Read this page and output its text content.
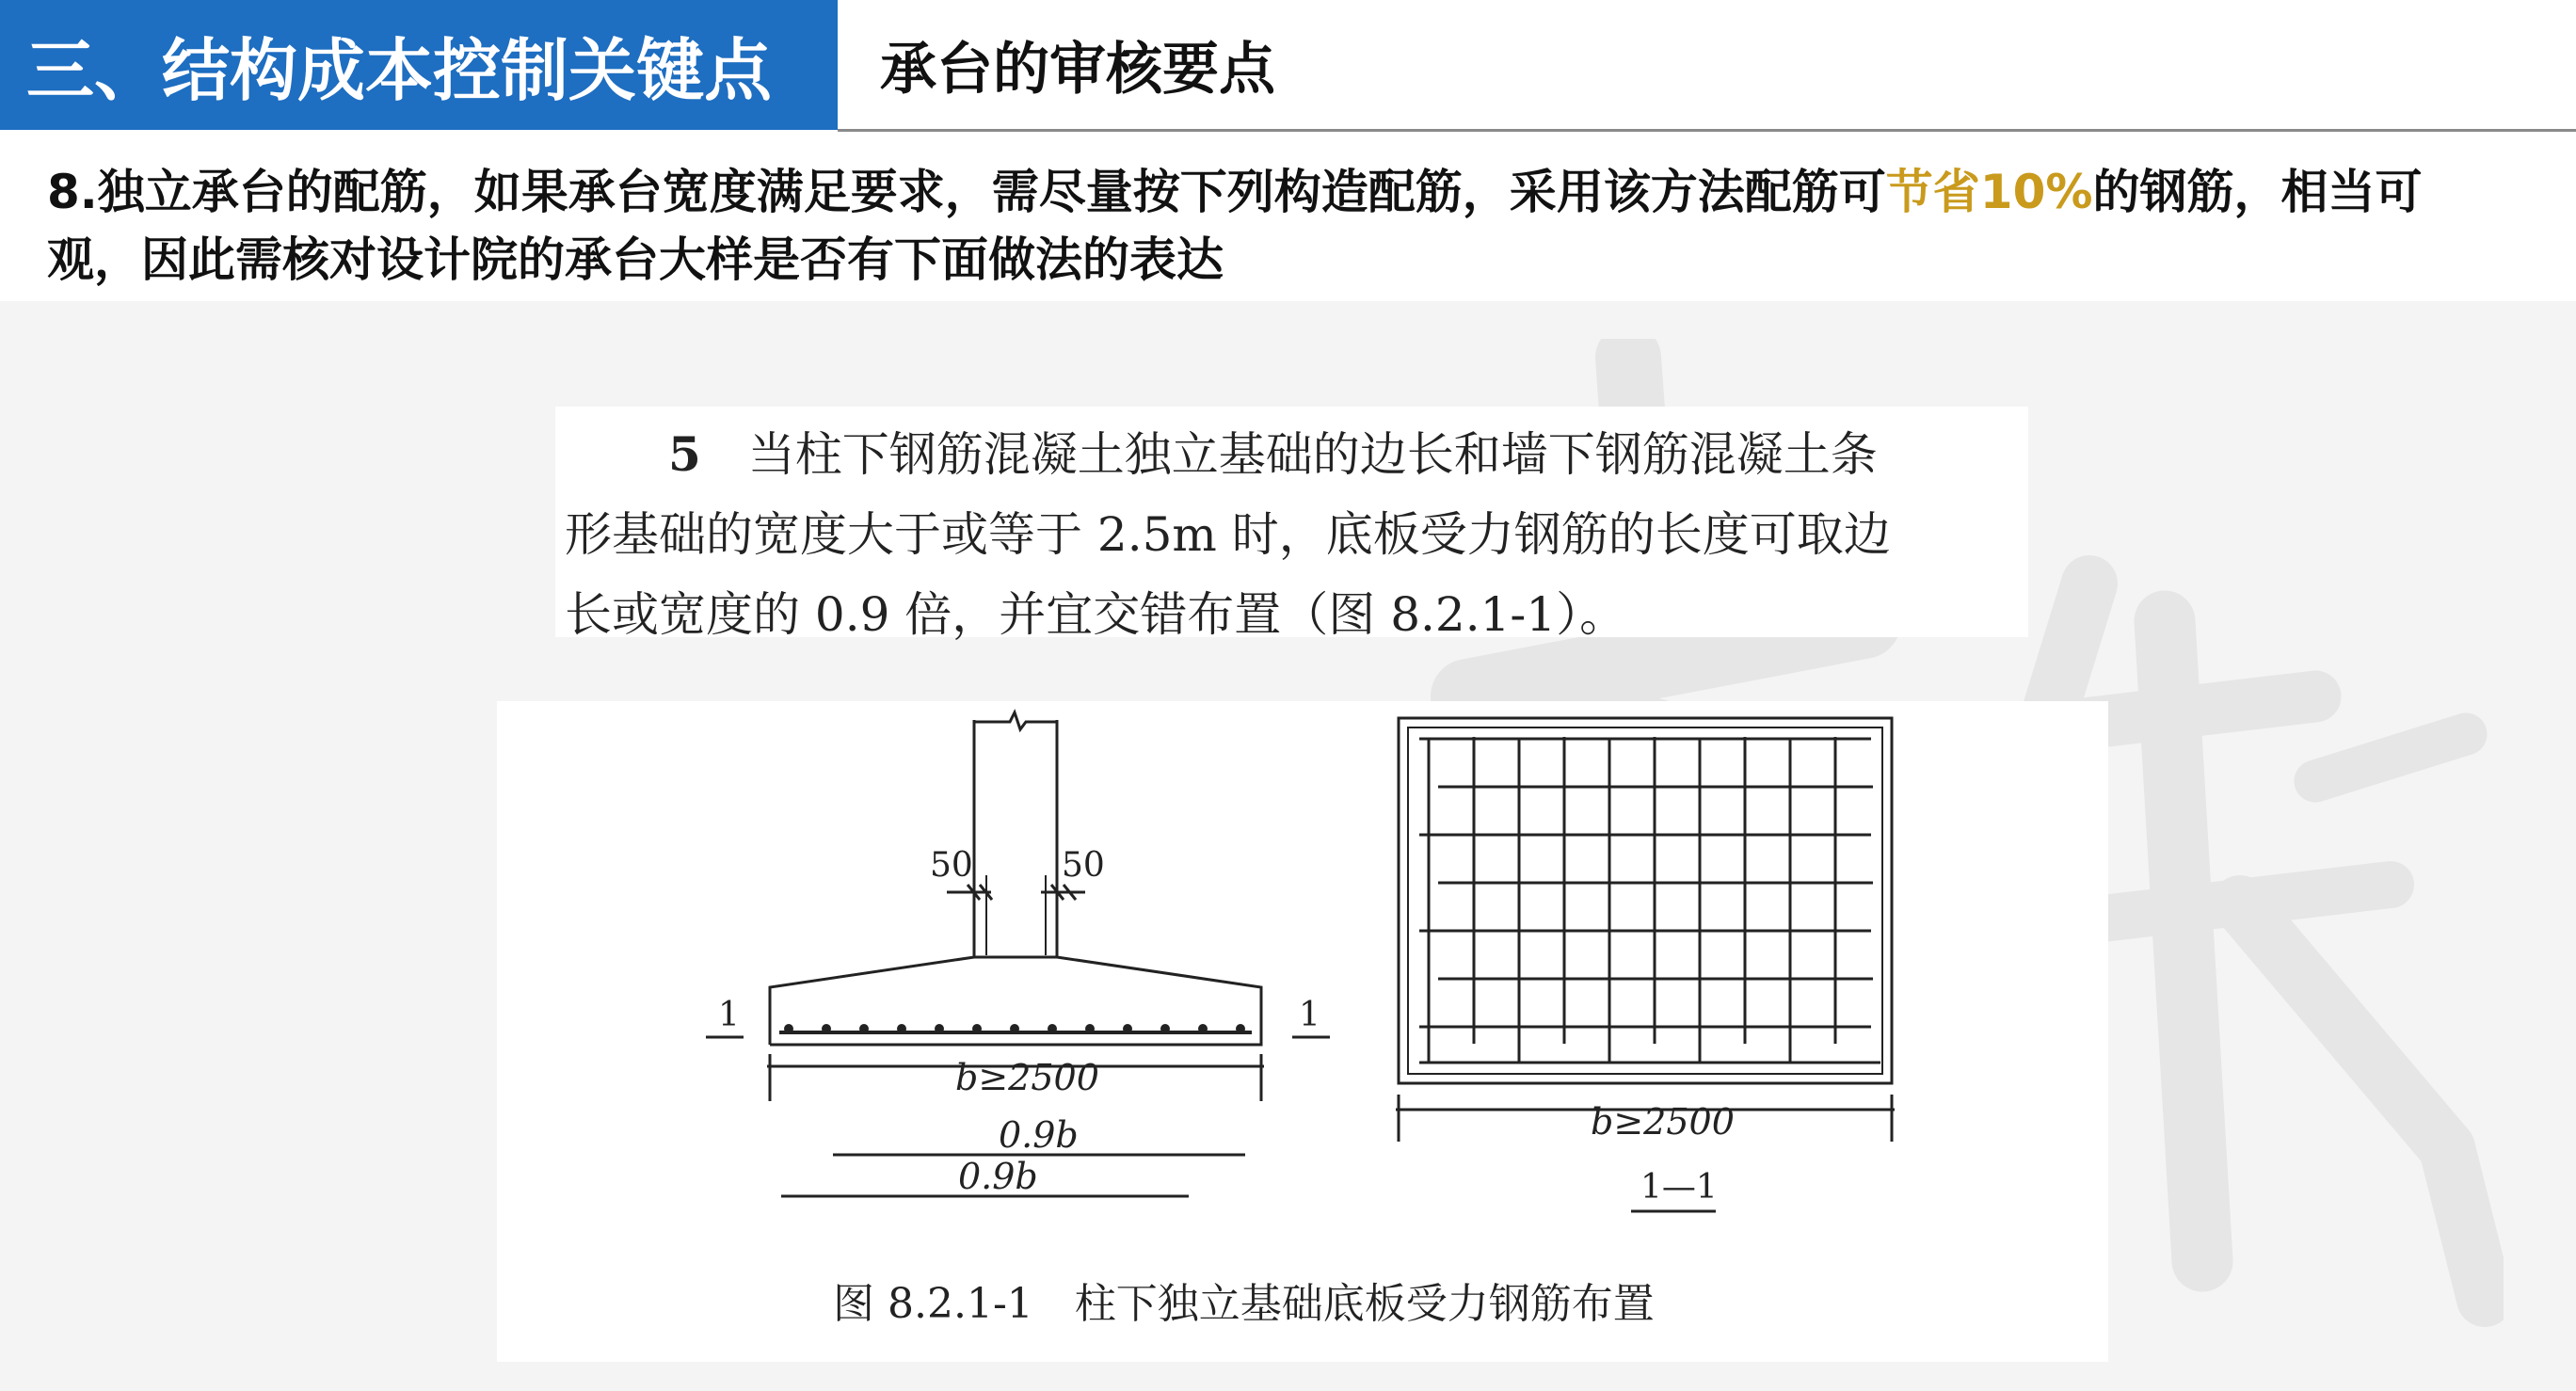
三、结构成本控制关键点 承台的审核要点
8.独立承台的配筋，如果承台宽度满足要求，需尽量按下列构造配筋，采用该方法配筋可节省10%的钢筋，相当可观，因此需核对设计院的承台大样是否有下面做法的表达
5　 当柱下钢筋混凝土独立基础的边长和墙下钢筋混凝土条
形基础的宽度大于或等于 2.5m 时，底板受力钢筋的长度可取边
长或宽度的 0.9 倍，并宜交错布置（图 8.2.1-1）。
50	50
1	1
b≥2500
0.9b
0.9b
b≥2500
1—1
图 8.2.1-1　柱下独立基础底板受力钢筋布置
